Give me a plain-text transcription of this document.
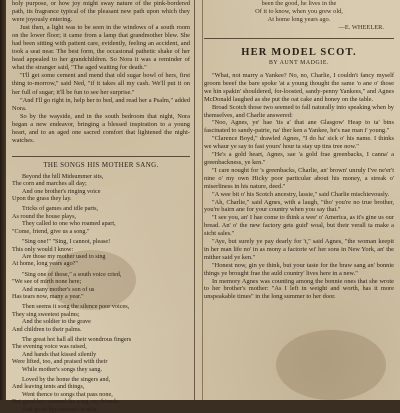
holy purpose, or how joy might sway nature of the pink-bordered path, its fragrance typical of the pleasant new path upon which they were joyously entering.

Just then, a light was to be seen in the windows of a south room on the lower floor; it came from a lamp that grandmother blew. She had been sitting with patient care, evidently, feeling an accident, and took a seat near. The best form, the occasional pathetic shake of her head appealed to her grandchildren. So Nora it was a reminder of what the stranger said, "The aged waiting for death."

"I'll get some cement and mend that old sugar bowl of hers, first thing to-morrow," said Ned, "if it takes all my cash. We'll put it on her full of sugar; it'll be fun to see her surprise."

"And I'll go right in, help her to bed, and read her a Psalm," added Nora.

So by the wayside, and in the south bedroom that night, Nora began a new endeavor, bringing a blessed inspiration to a young heart, and to an aged one sacred comfort that lightened the night-watches.

THE SONGS HIS MOTHER SANG.
Beyond the hill Midsummer sits,
The corn and marches all day;
And one brother's ringing voice
Upon the grass they lay.
Tricks of games and idle parts,
As round the house plays,
They called to one who roamed apart,
"Come, friend, give us a song."
"Sing one!" "Sing, I cannot, please!
This only would I know:
Are those my mother used to sing
At home, long years ago?"
"Sing one of those," a south voice cried,
"We see of mirth none here;
And many mother's son of us
Has tears now, many a year."
Then seems it song the silence poor voices,
They sing sweetest psalms;
And the soldier to the grave
And children to their palms.
The great hot hall all their wondrous fingers
The evening voice was raised,
And hands that kissed silently
Were lifted, too, and praised with their
While mother's songs they sang.
Loved by the home the singers and,
And leaving tents and things,
Went thence to songs that pass none,
But good-bye seemed the song, my friends;
And good-bye seemed so near.
been the good, he lives in the
Of it to know, when you grew old,
At home long years ago.
—E. WHEELER.
HER MODEL SCOT.
BY AUNT MADGIE.

"What, not marry a Yankee? No, no, Charlie, I couldn't fancy myself groom beeef the bare spoke 'at a young thought the same 'o ane o' those we hin spakin' shouldered, for-loosted, sandy-penny Yankees," and Agnes McDonald laughed as she put the oat cake and honey on the table.

Broad Scotch those two seemed to fall naturally into speaking when by themselves, and Charlie answered:

"Noo, Agnes, ye' hae 'tis a' that ane Glasgow' Heap to ta' bins fascinated to sandy-pairie, na' ther ken a Yankee, he's nae man i' young."

"Clarence Boyd," drawled Agnes, "I do ha' sick o' his name. I thinks we whaur ye say to fast yours' hour ta stay up tins tree now."

"He's a gold heart, Agnes, sae 'a gold frae greenbacks, I canna' a greenbackness, ye ken."

"I care nought for 's greenbacks, Charlie, an' brown' unruly I've ne'er't nine o' my own Hicky poor particular about his money, a streak o' miserliness in his nature, deed."

"A wee bit o' his Scotch ancestry, lassie," said Charlie mischievously.

"Ah, Charlie," said Agnes, with a laugh, "tho' you're no true brother, you're bairn ane for your country when you say that."

"I see you, an' I hae come to think a wee' o' America, as it's gine us our bread. An' o' the new factory gets guid' woal, but their verall ta make a sicht sales."

"Aye, but surely ye pay dearly for 't," said Agnes, "the woman keepit in her man life no' in as mony a factorie wi' her sons in New York, an' the mither said ye ken."

"Honest now, gin ye think, but your taste for the braw sang an' bonnie things ye brought frae the auld country' lives here in a new."

In memory Agnes was counting among the bonnie ones that she wrote to her brother's mother: "As I left in weight and worth, has it more unspeakable times" in the long summer to her door.
